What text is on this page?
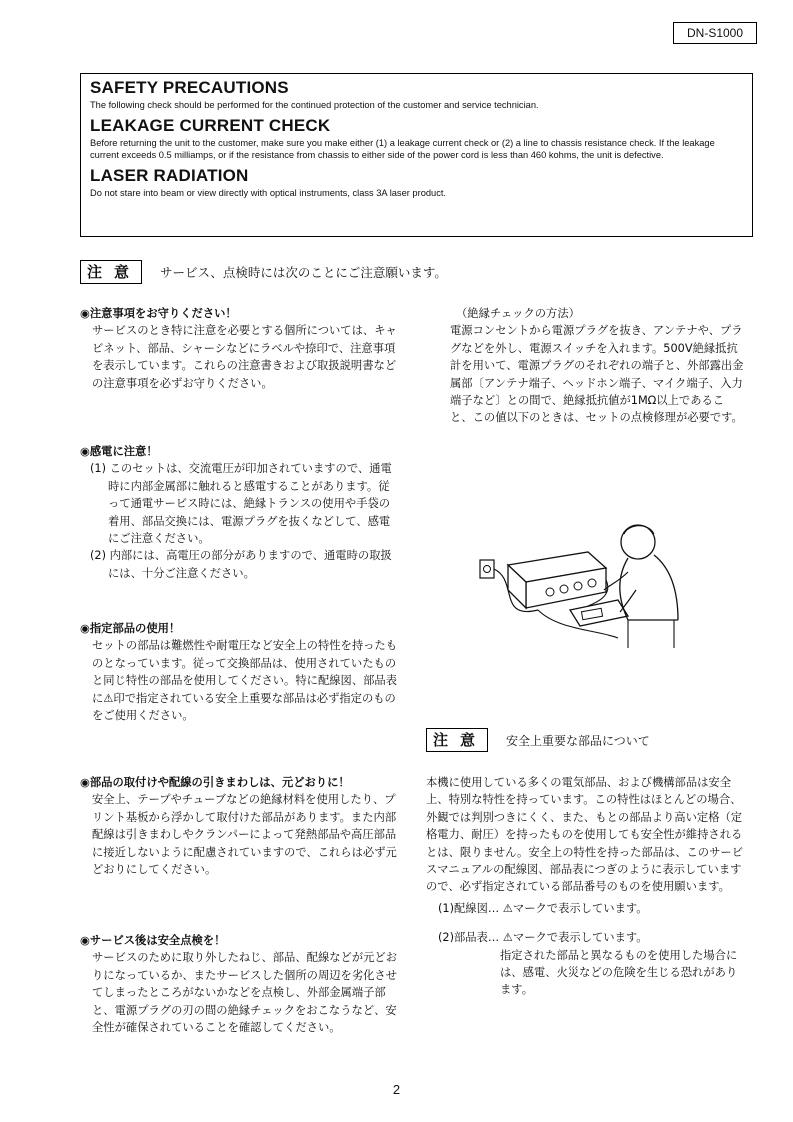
DN-S1000
SAFETY PRECAUTIONS

The following check should be performed for the continued protection of the customer and service technician.

LEAKAGE CURRENT CHECK

Before returning the unit to the customer, make sure you make either (1) a leakage current check or (2) a line to chassis resistance check. If the leakage current exceeds 0.5 milliamps, or if the resistance from chassis to either side of the power cord is less than 460 kohms, the unit is defective.

LASER RADIATION

Do not stare into beam or view directly with optical instruments, class 3A laser product.

注意 サービス、点検時には次のことにご注意願います。
◉注意事項をお守りください！
サービスのとき特に注意を必要とする個所については、キャビネット、部品、シャーシなどにラベルや捺印で、注意事項を表示しています。これらの注意書きおよび取扱説明書などの注意事項を必ずお守りください。
◉感電に注意！
(1) このセットは、交流電圧が印加されていますので、通電時に内部金属部に触れると感電することがあります。従って通電サービス時には、絶縁トランスの使用や手袋の着用、部品交換には、電源プラグを抜くなどして、感電にご注意ください。
(2) 内部には、高電圧の部分がありますので、通電時の取扱には、十分ご注意ください。
◉指定部品の使用！
セットの部品は難燃性や耐電圧など安全上の特性を持ったものとなっています。従って交換部品は、使用されていたものと同じ特性の部品を使用してください。特に配線図、部品表に⚠印で指定されている安全上重要な部品は必ず指定のものをご使用ください。
（絶縁チェックの方法）
電源コンセントから電源プラグを抜き、アンテナや、プラグなどを外し、電源スイッチを入れます。500V絶縁抵抗計を用いて、電源プラグのそれぞれの端子と、外部露出金属部〔アンテナ端子、ヘッドホン端子、マイク端子、入力端子など〕との間で、絶縁抵抗値が1MΩ以上であること、この値以下のときは、セットの点検修理が必要です。
注意 安全上重要な部品について
◉部品の取付けや配線の引きまわしは、元どおりに！
安全上、テープやチューブなどの絶縁材料を使用したり、プリント基板から浮かして取付けた部品があります。また内部配線は引きまわしやクランパーによって発熱部品や高圧部品に接近しないように配慮されていますので、これらは必ず元どおりにしてください。
◉サービス後は安全点検を！
サービスのために取り外したねじ、部品、配線などが元どおりになっているか、またサービスした個所の周辺を劣化させてしまったところがないかなどを点検し、外部金属端子部と、電源プラグの刃の間の絶縁チェックをおこなうなど、安全性が確保されていることを確認してください。
本機に使用している多くの電気部品、および機構部品は安全上、特別な特性を持っています。この特性はほとんどの場合、外観では判別つきにくく、また、もとの部品より高い定格（定格電力、耐圧）を持ったものを使用しても安全性が維持されるとは、限りません。安全上の特性を持った部品は、このサービスマニュアルの配線図、部品表につぎのように表示していますので、必ず指定されている部品番号のものを使用願います。
(1)配線図… ⚠マークで表示しています。
(2)部品表… ⚠マークで表示しています。
指定された部品と異なるものを使用した場合には、感電、火災などの危険を生じる恐れがあります。
2
